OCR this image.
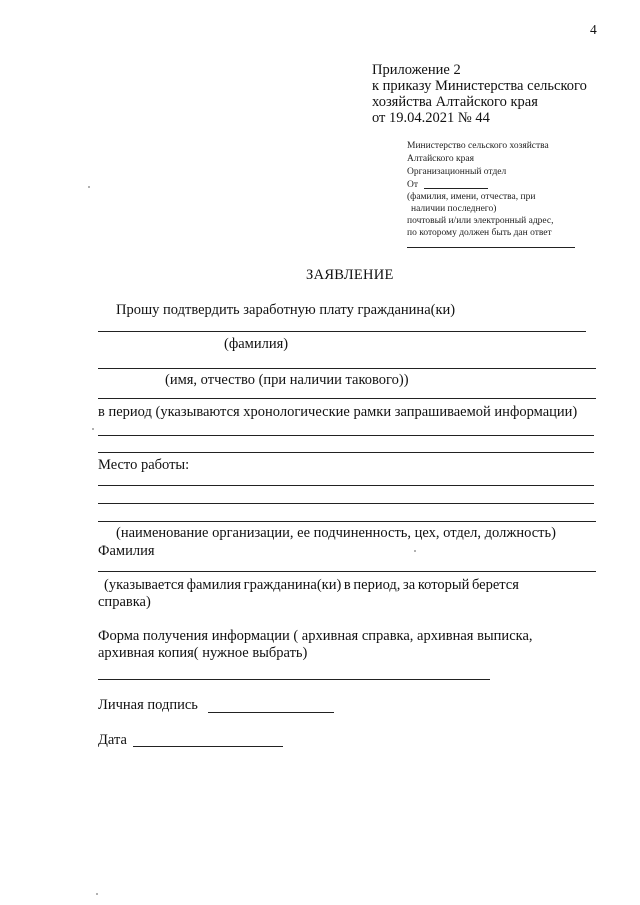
4
Приложение 2
к приказу Министерства сельского
хозяйства Алтайского края
от 19.04.2021 № 44
Министерство сельского хозяйства
Алтайского края
Организационный отдел
От
(фамилия, имени, отчества, при
наличии последнего)
почтовый и/или электронный адрес,
по которому должен быть дан ответ
ЗАЯВЛЕНИЕ
Прошу подтвердить заработную плату гражданина(ки)
(фамилия)
(имя, отчество (при наличии такового))
в период (указываются хронологические рамки запрашиваемой информации)
Место работы:
(наименование организации, ее подчиненность, цех, отдел, должность)
Фамилия
(указывается фамилия гражданина(ки) в период, за который берется
справка)
Форма получения информации ( архивная справка, архивная выписка,
архивная копия( нужное выбрать)
Личная подпись
Дата
